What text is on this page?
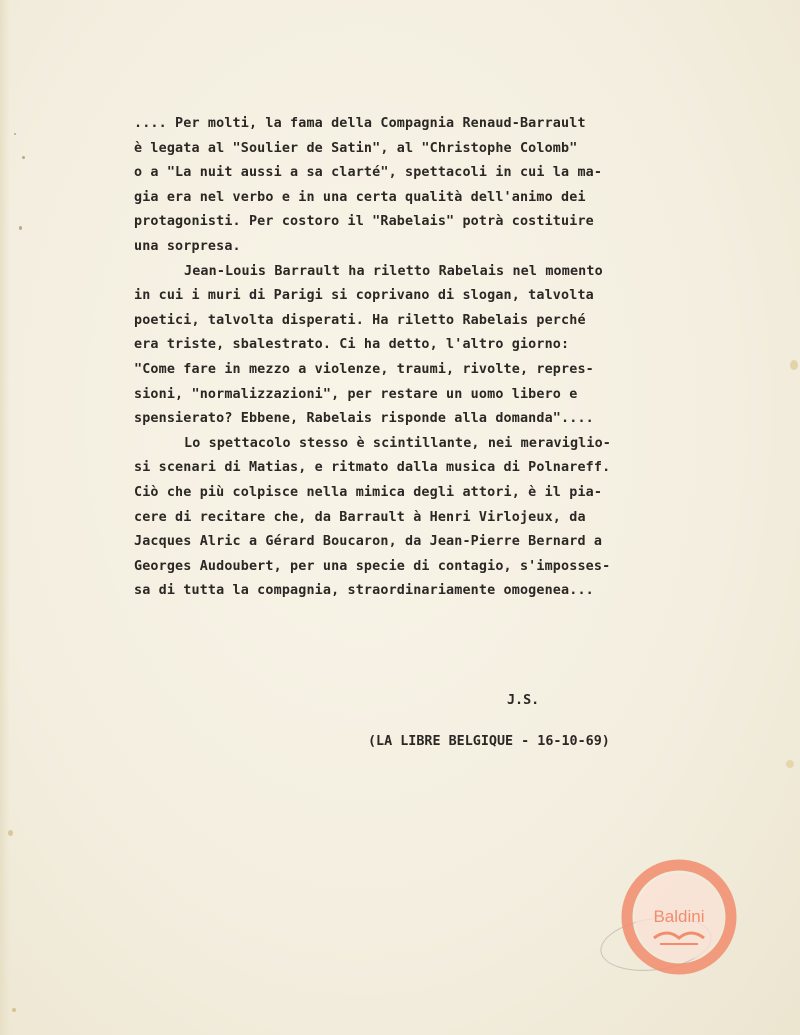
.... Per molti, la fama della Compagnia Renaud-Barrault
è legata al "Soulier de Satin", al "Christophe Colomb"
o a "La nuit aussi a sa clarté", spettacoli in cui la ma-
gia era nel verbo e in una certa qualità dell'animo dei
protagonisti. Per costoro il "Rabelais" potrà costituire
una sorpresa.
Jean-Louis Barrault ha riletto Rabelais nel momento
in cui i muri di Parigi si coprivano di slogan, talvolta
poetici, talvolta disperati. Ha riletto Rabelais perché
era triste, sbalestrato. Ci ha detto, l'altro giorno:
"Come fare in mezzo a violenze, traumi, rivolte, repres-
sioni, "normalizzazioni", per restare un uomo libero e
spensierato? Ebbene, Rabelais risponde alla domanda"....
Lo spettacolo stesso è scintillante, nei meraviglio-
si scenari di Matias, e ritmato dalla musica di Polnareff.
Ciò che più colpisce nella mimica degli attori, è il pia-
cere di recitare che, da Barrault à Henri Virlojeux, da
Jacques Alric a Gérard Boucaron, da Jean-Pierre Bernard a
Georges Audoubert, per una specie di contagio, s'imposses-
sa di tutta la compagnia, straordinariamente omogenea...
J.S.
(LA LIBRE BELGIQUE - 16-10-69)
Baldini
